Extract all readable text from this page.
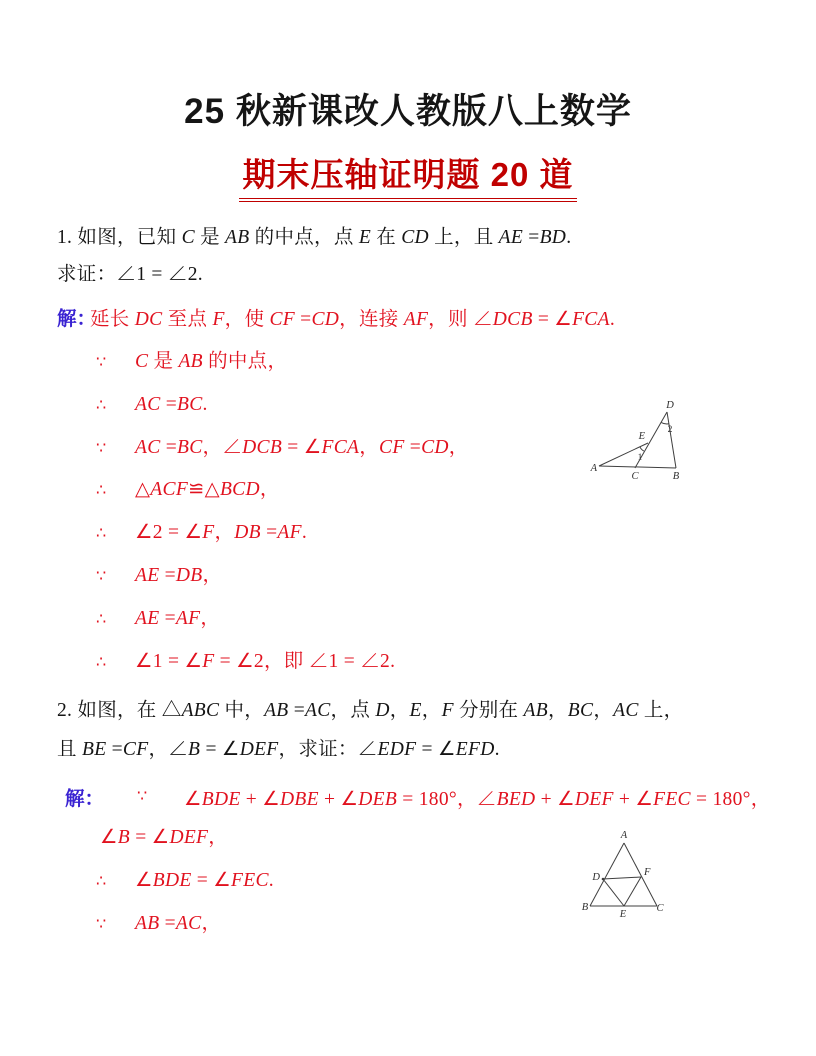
25 秋新课改人教版八上数学
期末压轴证明题 20 道
1. 如图，已知 C 是 AB 的中点，点 E 在 CD 上，且 AE =BD.
求证：∠1 = ∠2.
解：
延长 DC 至点 F，使 CF =CD，连接 AF，则 ∠DCB = ∠FCA.
∵ C 是 AB 的中点，
∴ AC =BC.
∵ AC =BC，∠DCB = ∠FCA，CF =CD，
∴ △ACF≌△BCD，
∴ ∠2 = ∠F，DB =AF.
∵ AE =DB，
∴ AE =AF，
∴ ∠1 = ∠F = ∠2，即 ∠1 = ∠2.
A
B
C
D
E
1
2
2. 如图，在 △ABC 中，AB =AC，点 D，E，F 分别在 AB，BC，AC 上，
且 BE =CF，∠B = ∠DEF，求证：∠EDF = ∠EFD.
解： ∵ ∠BDE + ∠DBE + ∠DEB = 180°，∠BED + ∠DEF + ∠FEC = 180°，
∠B = ∠DEF，
∴ ∠BDE = ∠FEC.
∵ AB =AC，
A
B	C
D	F
E
